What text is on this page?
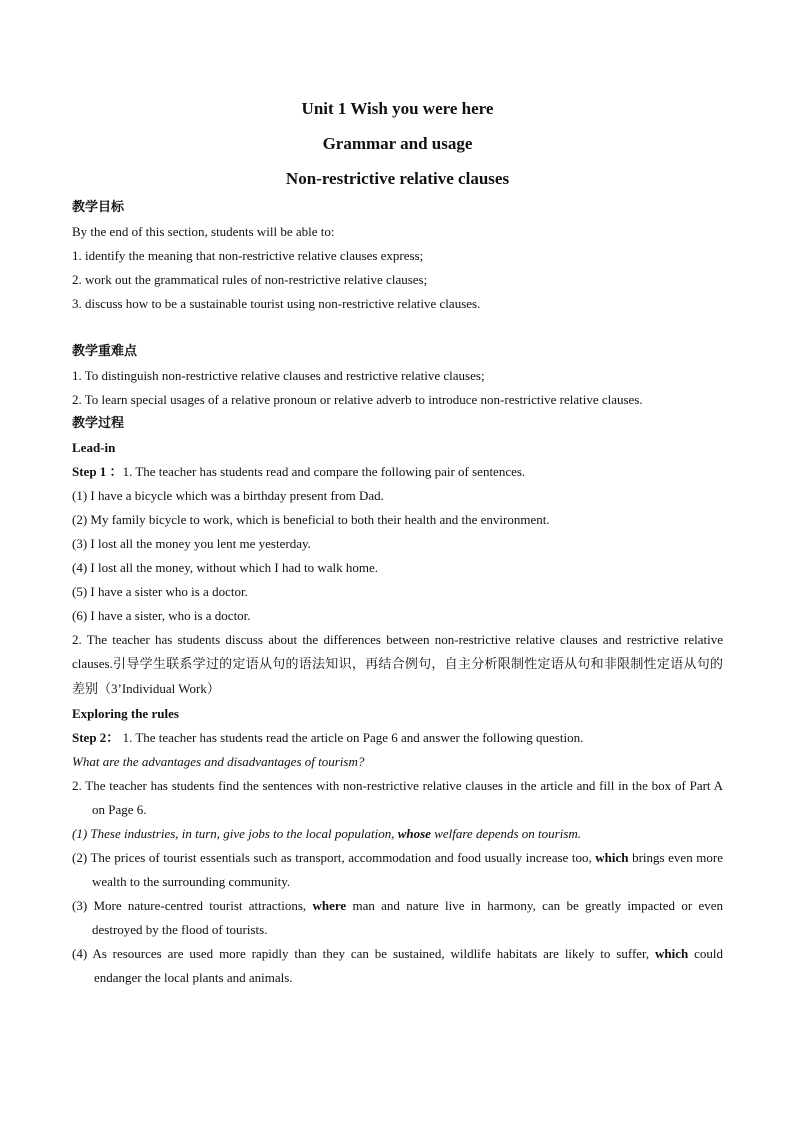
Unit 1 Wish you were here
Grammar and usage
Non-restrictive relative clauses
教学目标
By the end of this section, students will be able to:
1. identify the meaning that non-restrictive relative clauses express;
2. work out the grammatical rules of non-restrictive relative clauses;
3. discuss how to be a sustainable tourist using non-restrictive relative clauses.
教学重难点
1. To distinguish non-restrictive relative clauses and restrictive relative clauses;
2. To learn special usages of a relative pronoun or relative adverb to introduce non-restrictive relative clauses.
教学过程
Lead-in
Step 1 ：1. The teacher has students read and compare the following pair of sentences.
(1) I have a bicycle which was a birthday present from Dad.
(2) My family bicycle to work, which is beneficial to both their health and the environment.
(3) I lost all the money you lent me yesterday.
(4) I lost all the money, without which I had to walk home.
(5) I have a sister who is a doctor.
(6) I have a sister, who is a doctor.
2. The teacher has students discuss about the differences between non-restrictive relative clauses and restrictive relative clauses.引导学生联系学过的定语从句的语法知识，再结合例句，自主分析限制性定语从句和非限制性定语从句的差别（3’Individual Work）
Exploring the rules
Step 2： 1. The teacher has students read the article on Page 6 and answer the following question.
What are the advantages and disadvantages of tourism?
2. The teacher has students find the sentences with non-restrictive relative clauses in the article and fill in the box of Part A on Page 6.
(1) These industries, in turn, give jobs to the local population, whose welfare depends on tourism.
(2) The prices of tourist essentials such as transport, accommodation and food usually increase too, which brings even more wealth to the surrounding community.
(3) More nature-centred tourist attractions, where man and nature live in harmony, can be greatly impacted or even destroyed by the flood of tourists.
(4) As resources are used more rapidly than they can be sustained, wildlife habitats are likely to suffer, which could endanger the local plants and animals.
